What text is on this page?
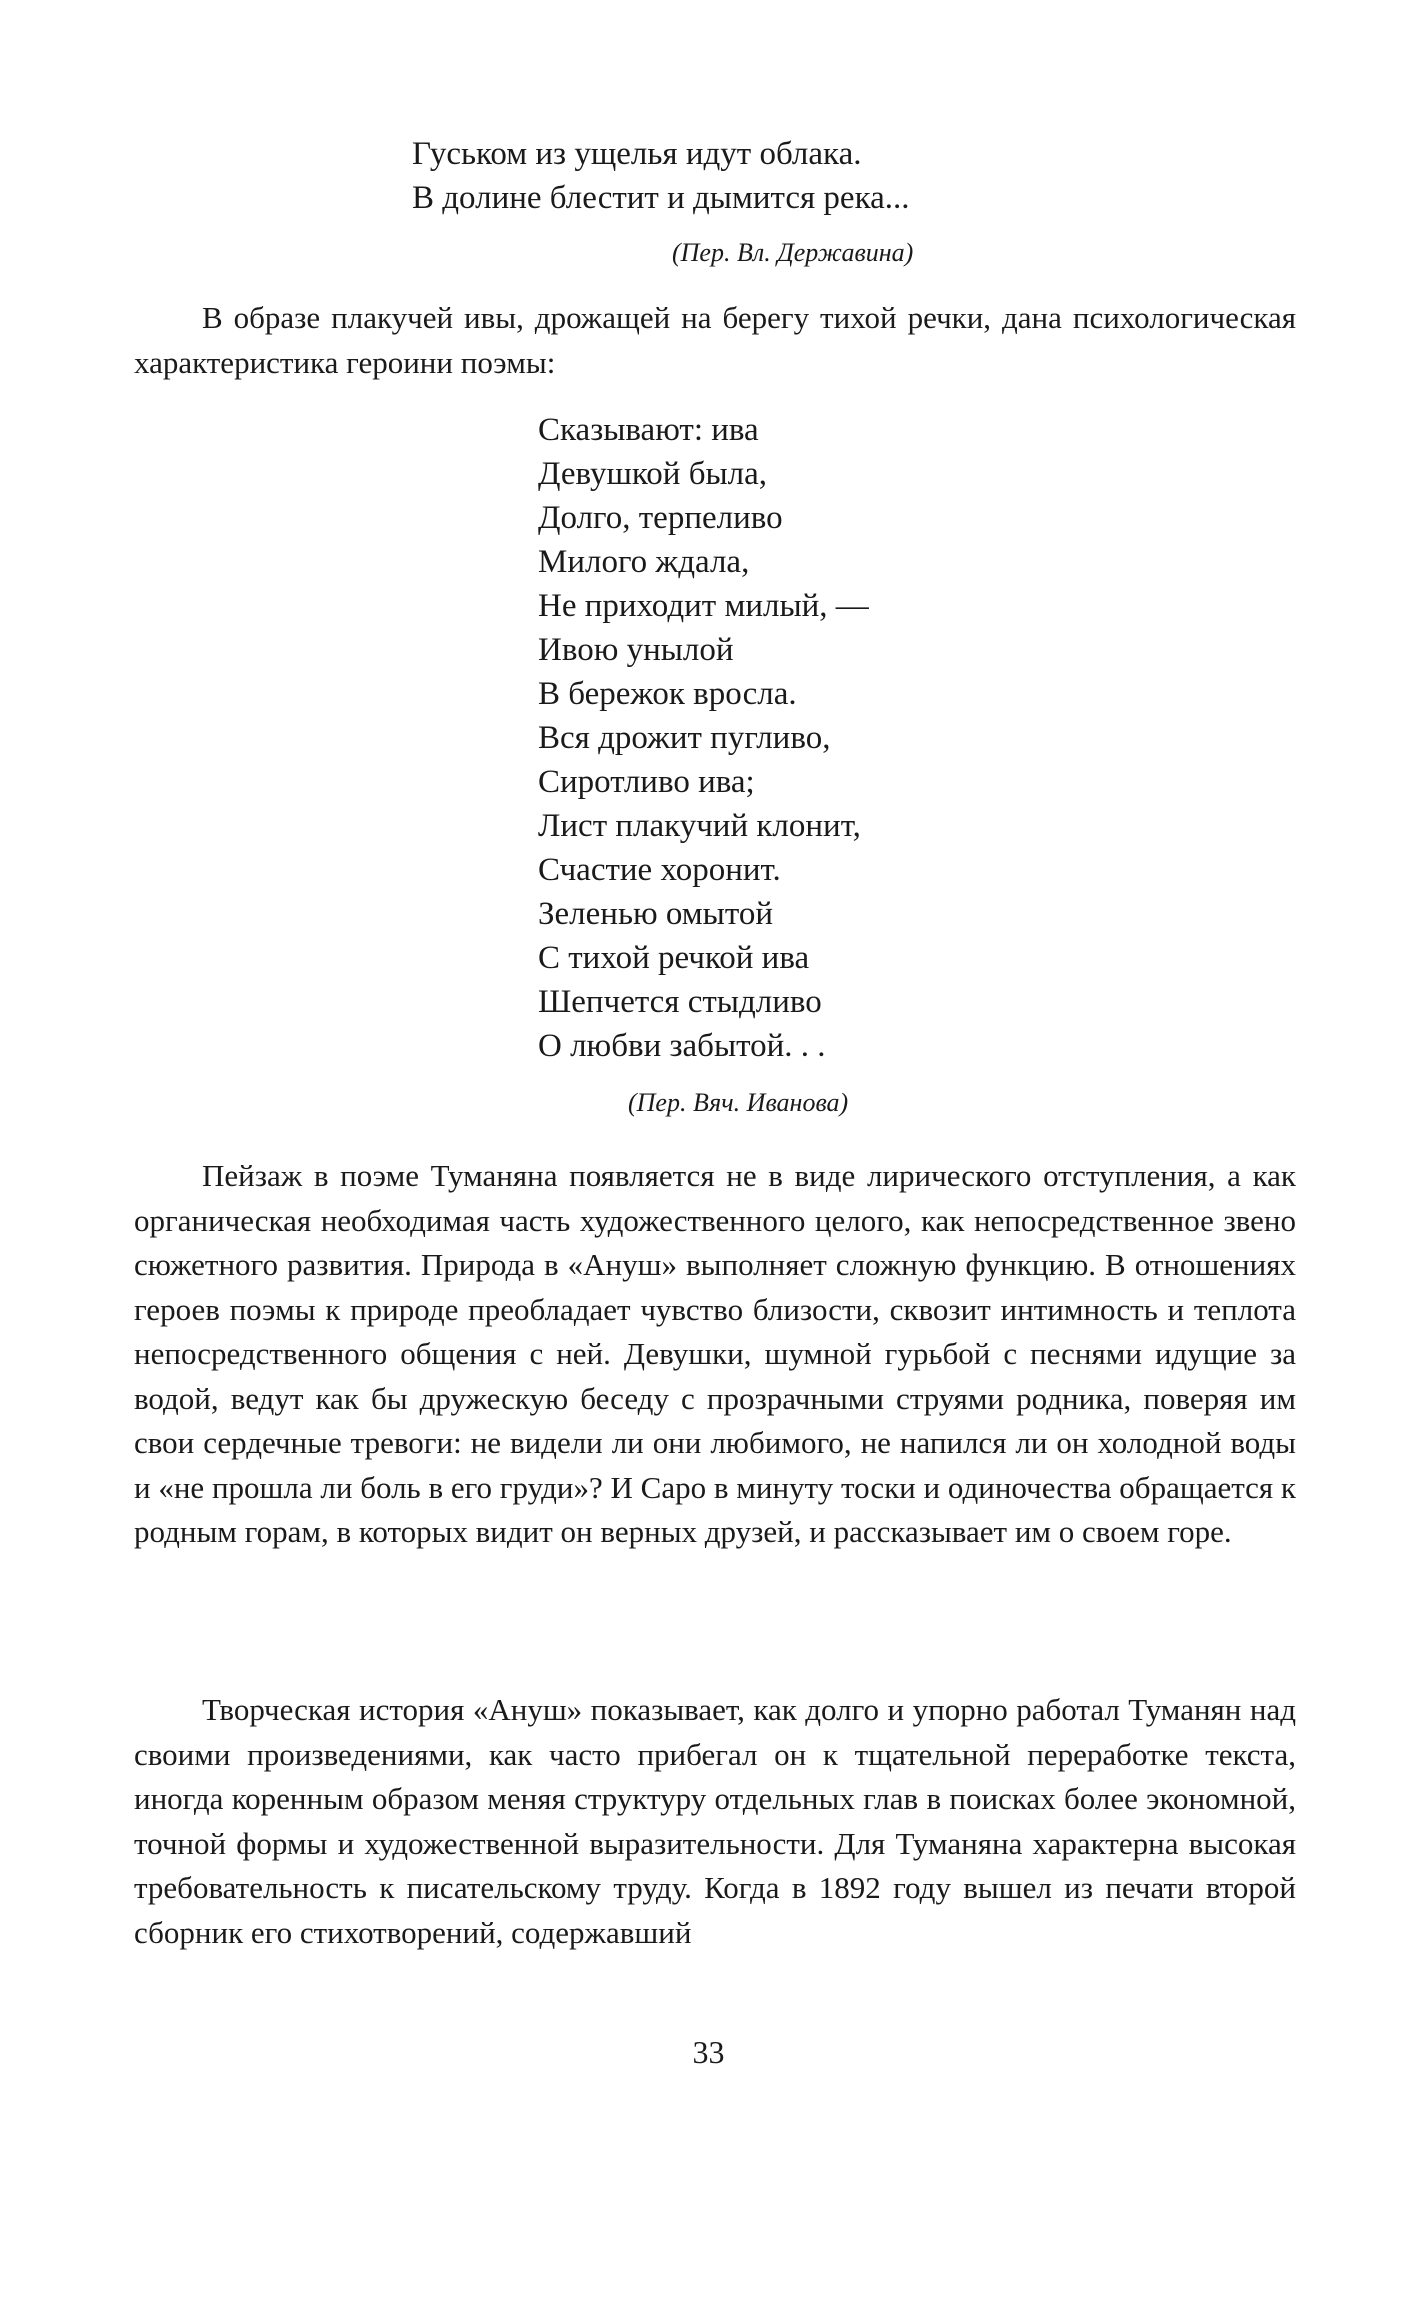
Гуськом из ущелья идут облака.
В долине блестит и дымится река...
(Пер. Вл. Державина)

В образе плакучей ивы, дрожащей на берегу тихой речки, дана психологическая характеристика героини поэмы:

Сказывают: ива
Девушкой была,
Долго, терпеливо
Милого ждала,
Не приходит милый, —
Ивою унылой
В бережок вросла.
Вся дрожит пугливо,
Сиротливо ива;
Лист плакучий клонит,
Счастие хоронит.
Зеленью омытой
С тихой речкой ива
Шепчется стыдливо
О любви забытой. . .
(Пер. Вяч. Иванова)

Пейзаж в поэме Туманяна появляется не в виде лирического отступления, а как органическая необходимая часть художественного целого, как непосредственное звено сюжетного развития. Природа в «Ануш» выполняет сложную функцию. В отношениях героев поэмы к природе преобладает чувство близости, сквозит интимность и теплота непосредственного общения с ней. Девушки, шумной гурьбой с песнями идущие за водой, ведут как бы дружескую беседу с прозрачными струями родника, поверяя им свои сердечные тревоги: не видели ли они любимого, не напился ли он холодной воды и «не прошла ли боль в его груди»? И Саро в минуту тоски и одиночества обращается к родным горам, в которых видит он верных друзей, и рассказывает им о своем горе.

Творческая история «Ануш» показывает, как долго и упорно работал Туманян над своими произведениями, как часто прибегал он к тщательной переработке текста, иногда коренным образом меняя структуру отдельных глав в поисках более экономной, точной формы и художественной выразительности. Для Туманяна характерна высокая требовательность к писательскому труду. Когда в 1892 году вышел из печати второй сборник его стихотворений, содержавший

33
